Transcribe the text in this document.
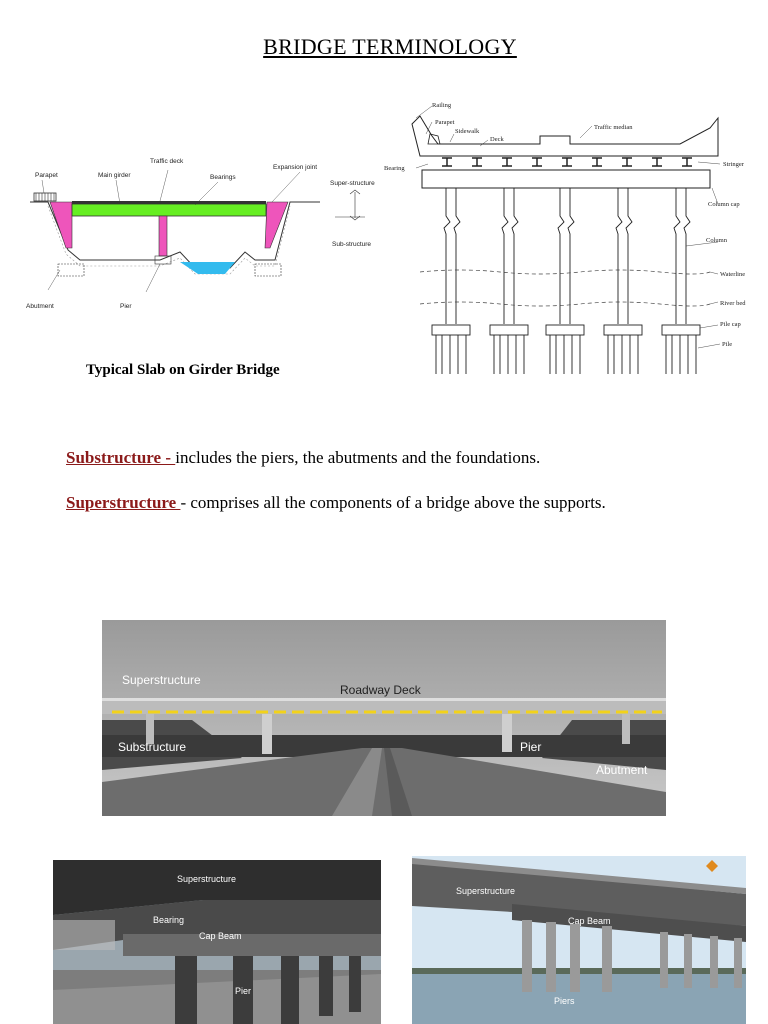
BRIDGE TERMINOLOGY
Parapet	Main girder
Traffic deck
Bearings
Expansion joint
Super-structure
Sub-structure
Abutment	Pier
Typical Slab on Girder Bridge
Railing
Parapet
Sidewalk
Deck
Traffic median
Bearing
Stringer
Column cap
Column
Waterline
River bed
Pile cap
Pile
Substructure - includes the piers, the abutments and the foundations.
Superstructure - comprises all the components of a bridge above the supports.
Superstructure
Roadway Deck
Substructure	Pier
Abutment
Superstructure
Bearing
Cap Beam
Pier
Superstructure
Cap Beam
Piers
